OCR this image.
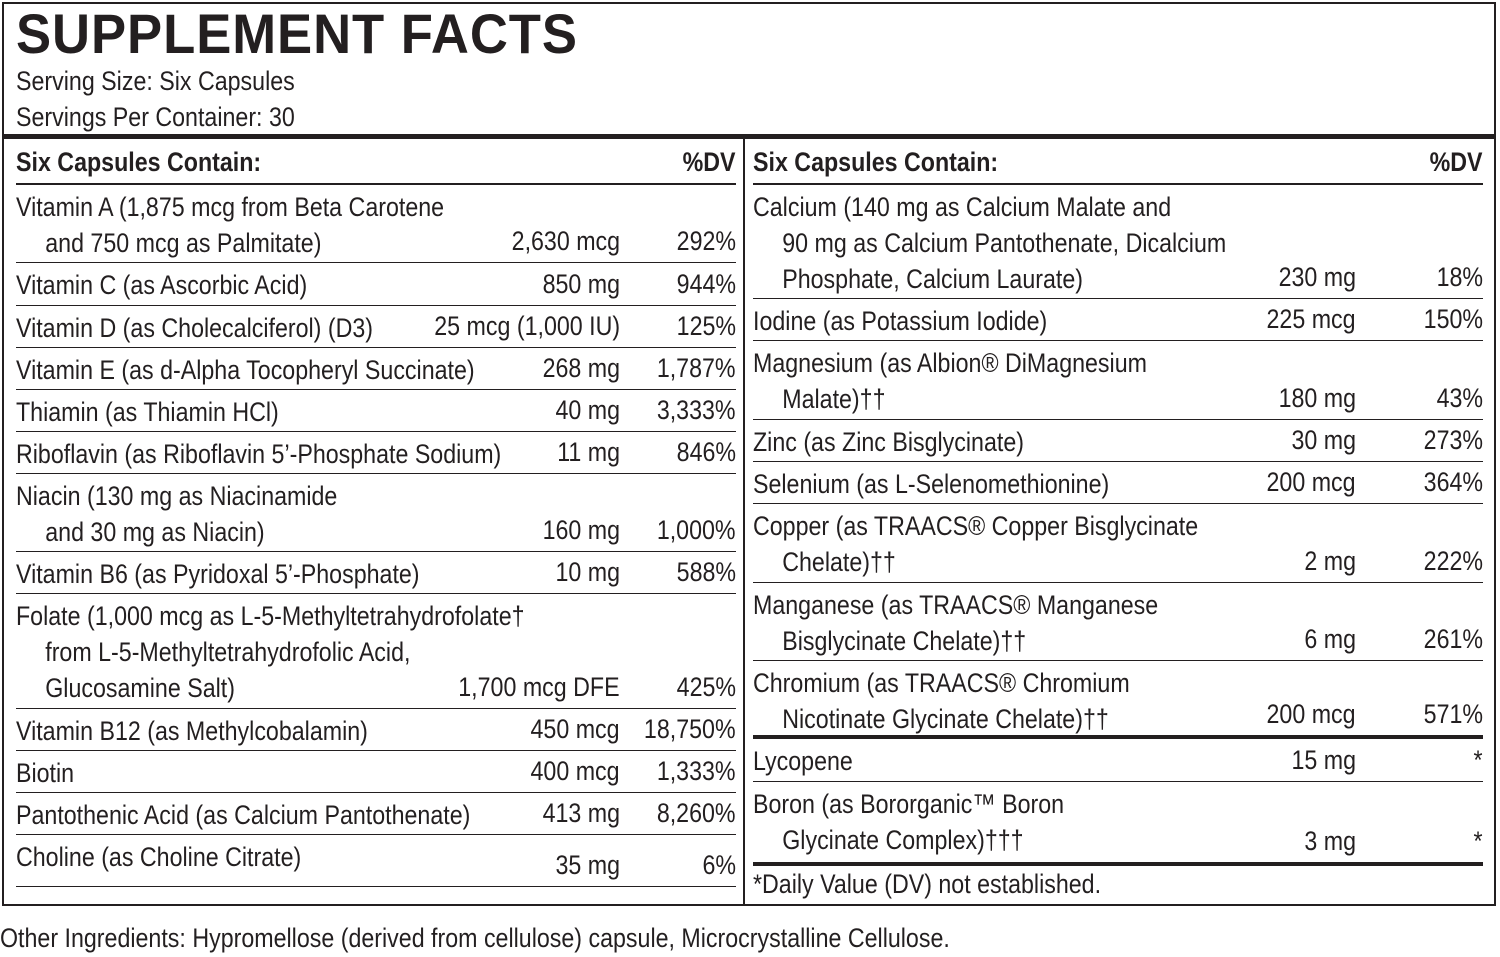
SUPPLEMENT FACTS
Serving Size: Six Capsules
Servings Per Container: 30
Six Capsules Contain:	%DV
Vitamin A (1,875 mcg from Beta Carotene
and 750 mcg as Palmitate)	2,630 mcg 292%
Vitamin C (as Ascorbic Acid)	850 mg 944%
Vitamin D (as Cholecalciferol) (D3) 25 mcg (1,000 IU) 125%
Vitamin E (as d-Alpha Tocopheryl Succinate)	268 mg 1,787%
Thiamin (as Thiamin HCl)	40 mg 3,333%
Riboflavin (as Riboflavin 5’-Phosphate Sodium) 11 mg 846%
Niacin (130 mg as Niacinamide
and 30 mg as Niacin)	160 mg 1,000%
Vitamin B6 (as Pyridoxal 5’-Phosphate)	10 mg 588%
Folate (1,000 mcg as L-5-Methyltetrahydrofolate†
from L-5-Methyltetrahydrofolic Acid,
Glucosamine Salt)	1,700 mcg DFE 425%
Vitamin B12 (as Methylcobalamin)	450 mcg 18,750%
Biotin	400 mcg 1,333%
Pantothenic Acid (as Calcium Pantothenate)	413 mg 8,260%
Choline (as Choline Citrate)	35 mg	6%
Six Capsules Contain:	%DV
Calcium (140 mg as Calcium Malate and
90 mg as Calcium Pantothenate, Dicalcium
Phosphate, Calcium Laurate)	230 mg	18%
Iodine (as Potassium Iodide)	225 mcg	150%
Magnesium (as Albion® DiMagnesium
Malate)††	180 mg	43%
Zinc (as Zinc Bisglycinate)	30 mg	273%
Selenium (as L-Selenomethionine)	200 mcg	364%
Copper (as TRAACS® Copper Bisglycinate
Chelate)††	2 mg	222%
Manganese (as TRAACS® Manganese
Bisglycinate Chelate)††	6 mg	261%
Chromium (as TRAACS® Chromium
Nicotinate Glycinate Chelate)††	200 mcg	571%
Lycopene	15 mg	*
Boron (as Bororganic™ Boron
Glycinate Complex)†††	3 mg	*
*Daily Value (DV) not established.
Other Ingredients: Hypromellose (derived from cellulose) capsule, Microcrystalline Cellulose.
